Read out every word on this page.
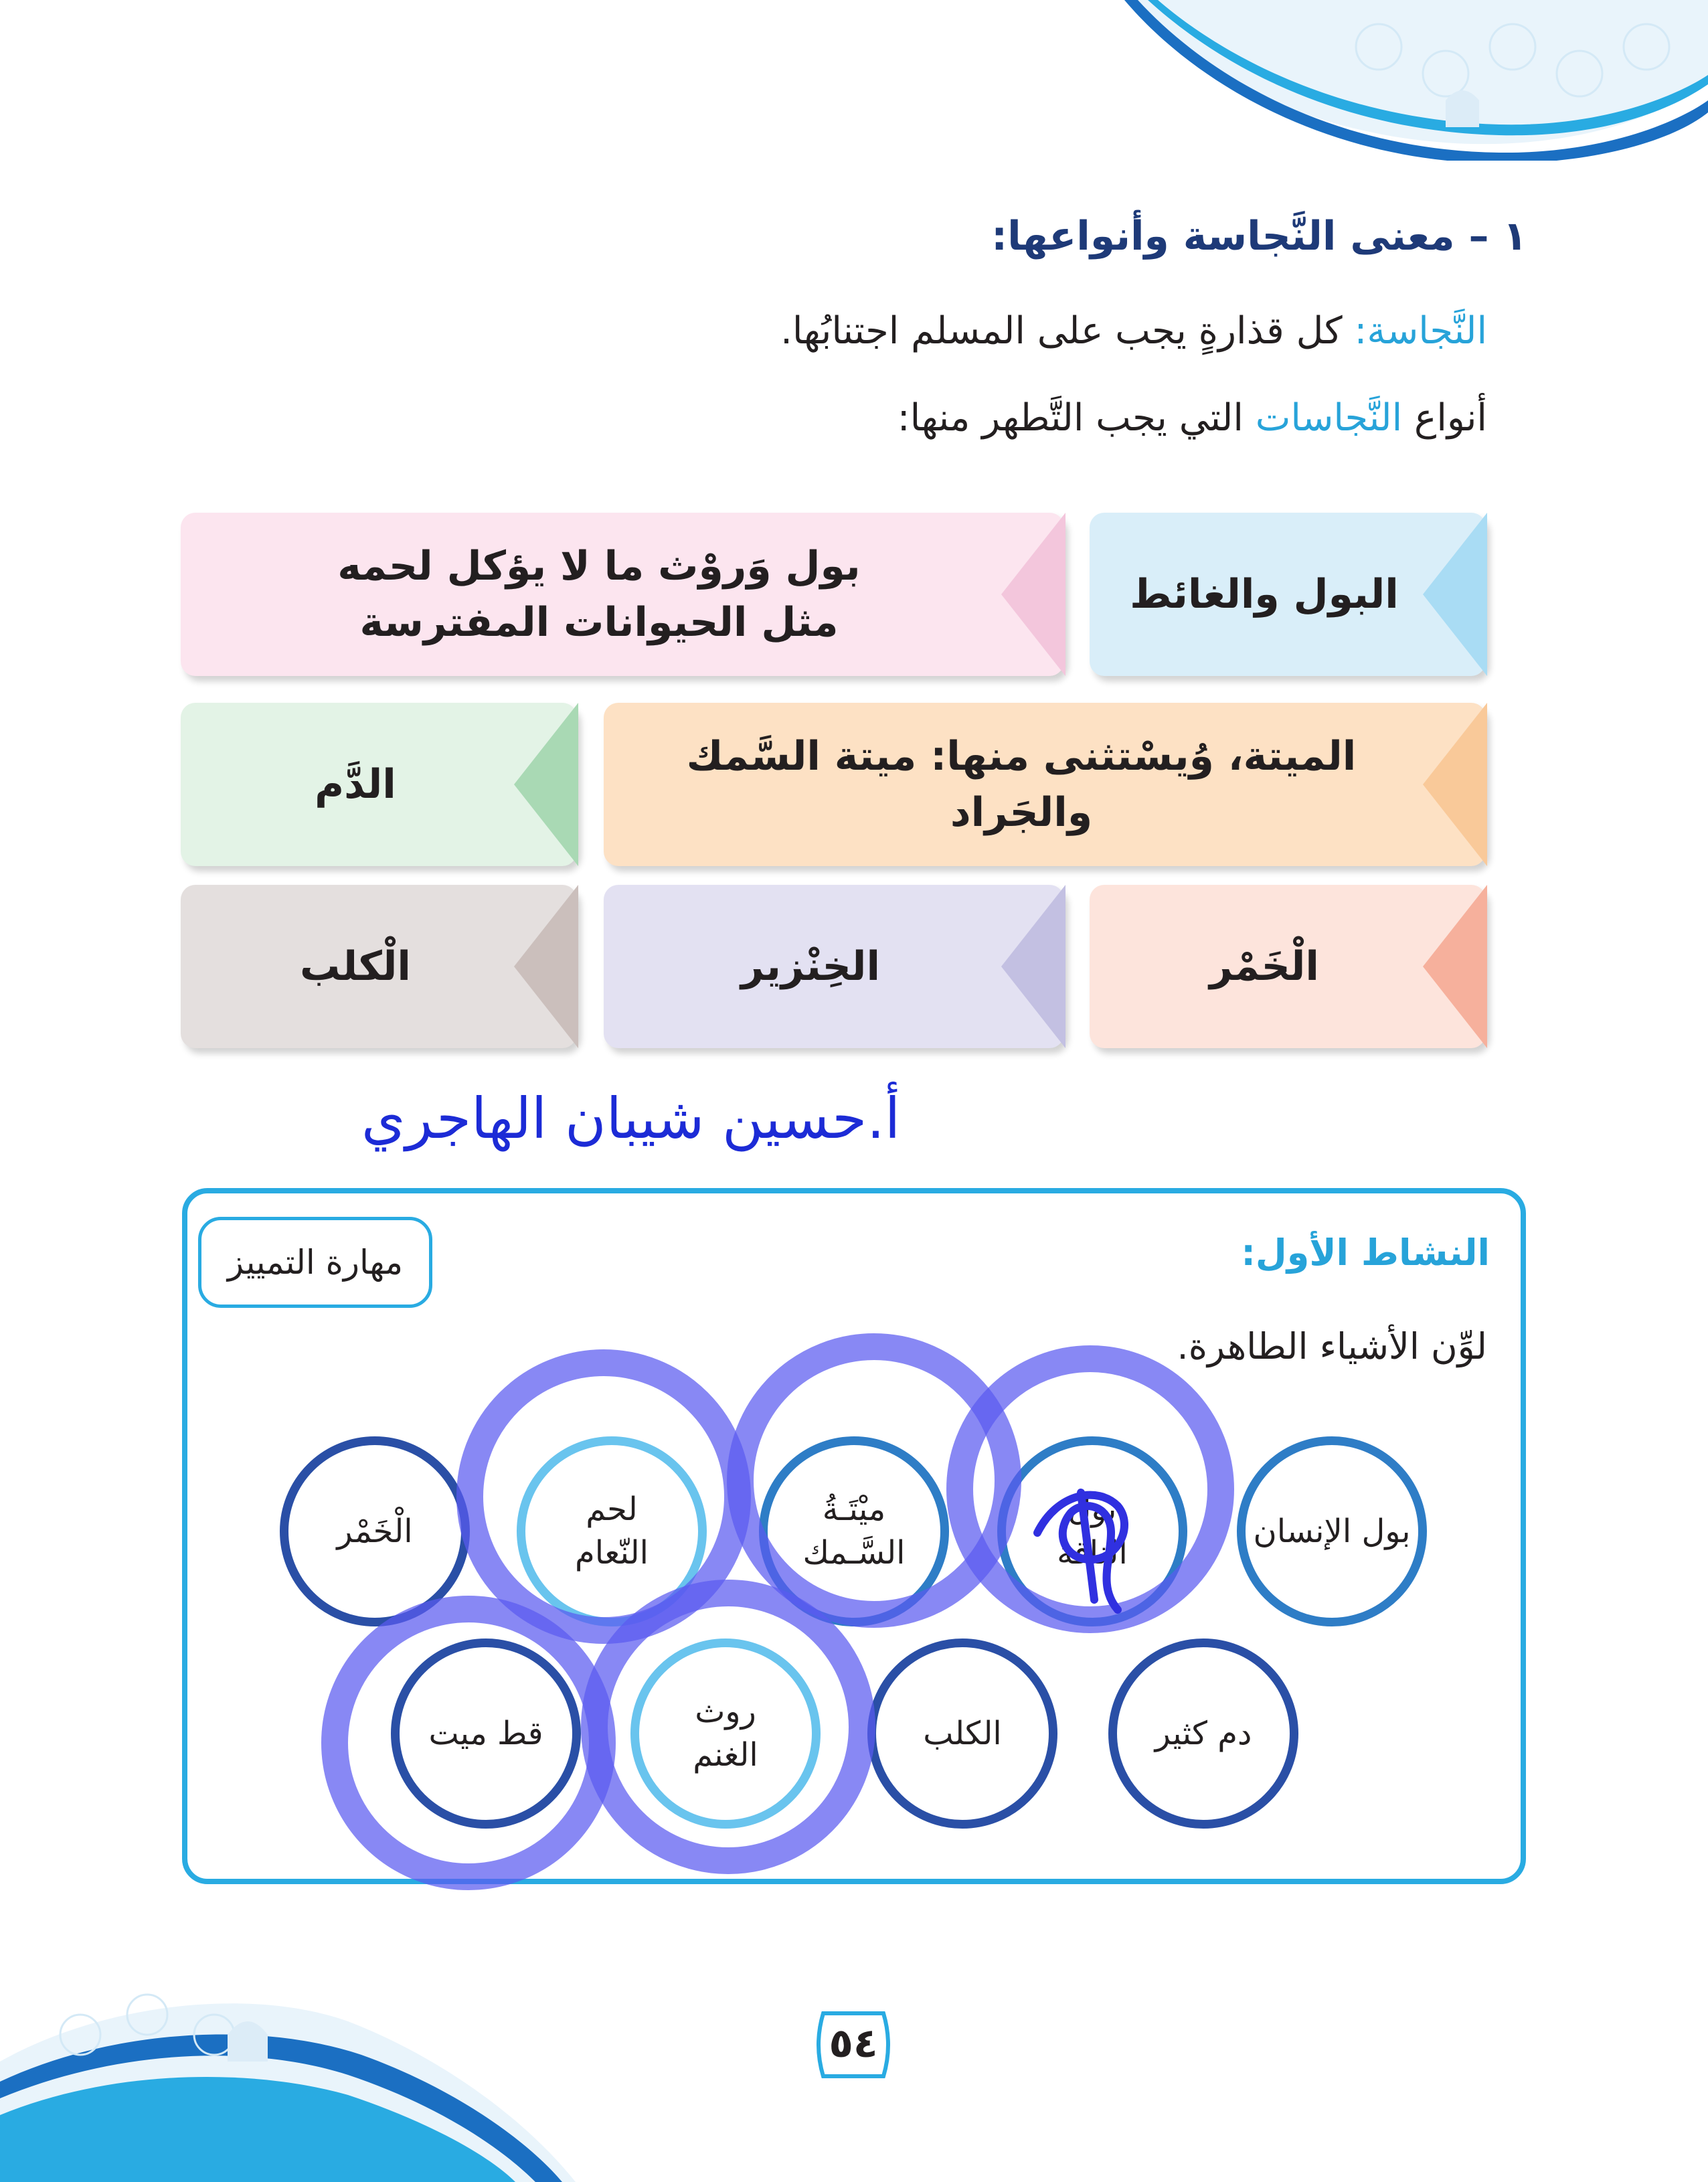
١ – معنى النَّجاسة وأنواعها:
النَّجاسة: كل قذارةٍ يجب على المسلم اجتنابُها.
أنواع النَّجاسات التي يجب التَّطهر منها:
البول والغائط
بول وَروْث ما لا يؤكل لحمه مثل الحيوانات المفترسة
الميتة، وُيسْتثنى منها: ميتة السَّمك والجَراد
الدَّم
الْخَمْر
الخِنْزير
الْكلب
أ.حسين شيبان الهاجري
النشاط الأول:
مهارة التمييز
لوِّن الأشياء الطاهرة.
بول الإنسان
بول الناقة
ميْتَـةُ السَّـمك
لحم النّعام
الْخَمْر
دم كثير
الكلب
روث الغنم
قط ميت
٥٤
